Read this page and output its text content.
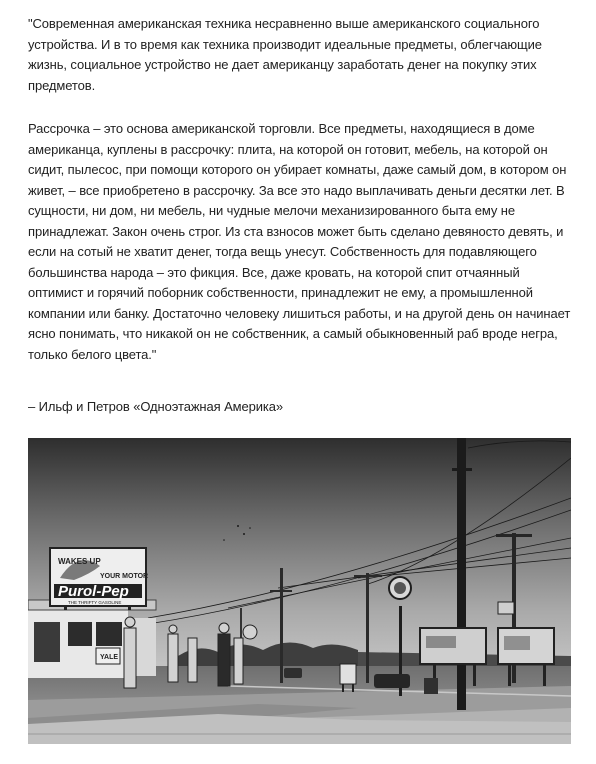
"Современная американская техника несравненно выше американского социального устройства. И в то время как техника производит идеальные предметы, облегчающие жизнь, социальное устройство не дает американцу заработать денег на покупку этих предметов.

Рассрочка – это основа американской торговли. Все предметы, находящиеся в доме американца, куплены в рассрочку: плита, на которой он готовит, мебель, на которой он сидит, пылесос, при помощи которого он убирает комнаты, даже самый дом, в котором он живет, – все приобретено в рассрочку. За все это надо выплачивать деньги десятки лет. В сущности, ни дом, ни мебель, ни чудные мелочи механизированного быта ему не принадлежат. Закон очень строг. Из ста взносов может быть сделано девяносто девять, и если на сотый не хватит денег, тогда вещь унесут. Собственность для подавляющего большинства народа – это фикция. Все, даже кровать, на которой спит отчаянный оптимист и горячий поборник собственности, принадлежит не ему, а промышленной компании или банку. Достаточно человеку лишиться работы, и на другой день он начинает ясно понимать, что никакой он не собственник, а самый обыкновенный раб вроде негра, только белого цвета."

– Ильф и Петров «Одноэтажная Америка»

WAKES UP
YOUR MOTOR
Purol-Pep
THE THRIFTY GASOLINE
YALE
